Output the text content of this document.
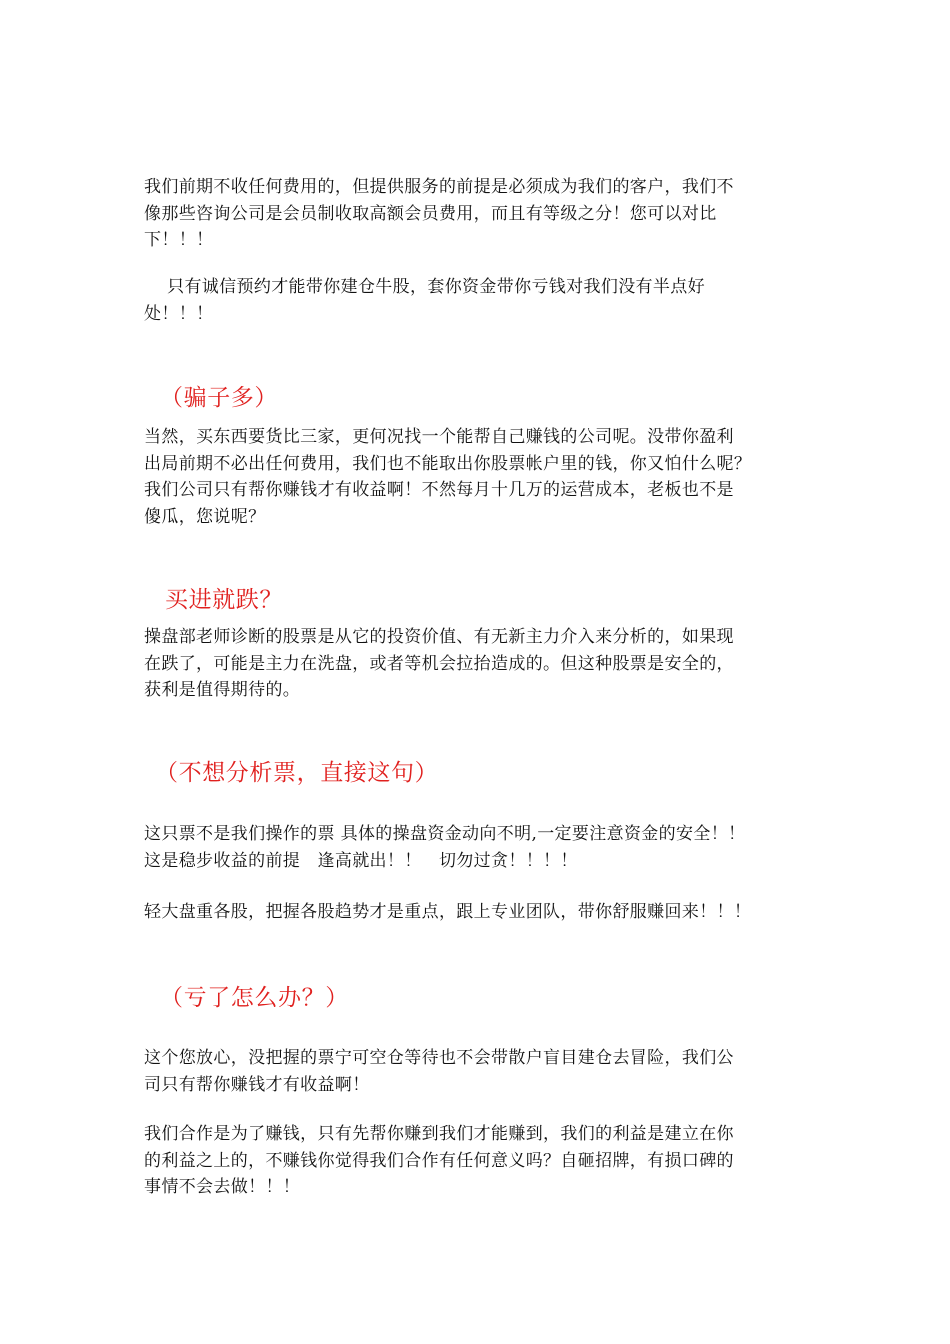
我们前期不收任何费用的，但提供服务的前提是必须成为我们的客户，我们不
像那些咨询公司是会员制收取高额会员费用，而且有等级之分！您可以对比
下！！！
　 只有诚信预约才能带你建仓牛股，套你资金带你亏钱对我们没有半点好
处！！！
（骗子多）
当然，买东西要货比三家，更何况找一个能帮自己赚钱的公司呢。没带你盈利
出局前期不必出任何费用，我们也不能取出你股票帐户里的钱，你又怕什么呢？
我们公司只有帮你赚钱才有收益啊！不然每月十几万的运营成本，老板也不是
傻瓜，您说呢？
买进就跌？
操盘部老师诊断的股票是从它的投资价值、有无新主力介入来分析的，如果现
在跌了，可能是主力在洗盘，或者等机会拉抬造成的。但这种股票是安全的，
获利是值得期待的。
（不想分析票，直接这句）
这只票不是我们操作的票 具体的操盘资金动向不明,一定要注意资金的安全！！
这是稳步收益的前提　逢高就出！！　切勿过贪！！！！
轻大盘重各股，把握各股趋势才是重点，跟上专业团队，带你舒服赚回来！！！
（亏了怎么办？）
这个您放心，没把握的票宁可空仓等待也不会带散户盲目建仓去冒险，我们公
司只有帮你赚钱才有收益啊！
我们合作是为了赚钱，只有先帮你赚到我们才能赚到，我们的利益是建立在你
的利益之上的，不赚钱你觉得我们合作有任何意义吗？自砸招牌，有损口碑的
事情不会去做！！！
